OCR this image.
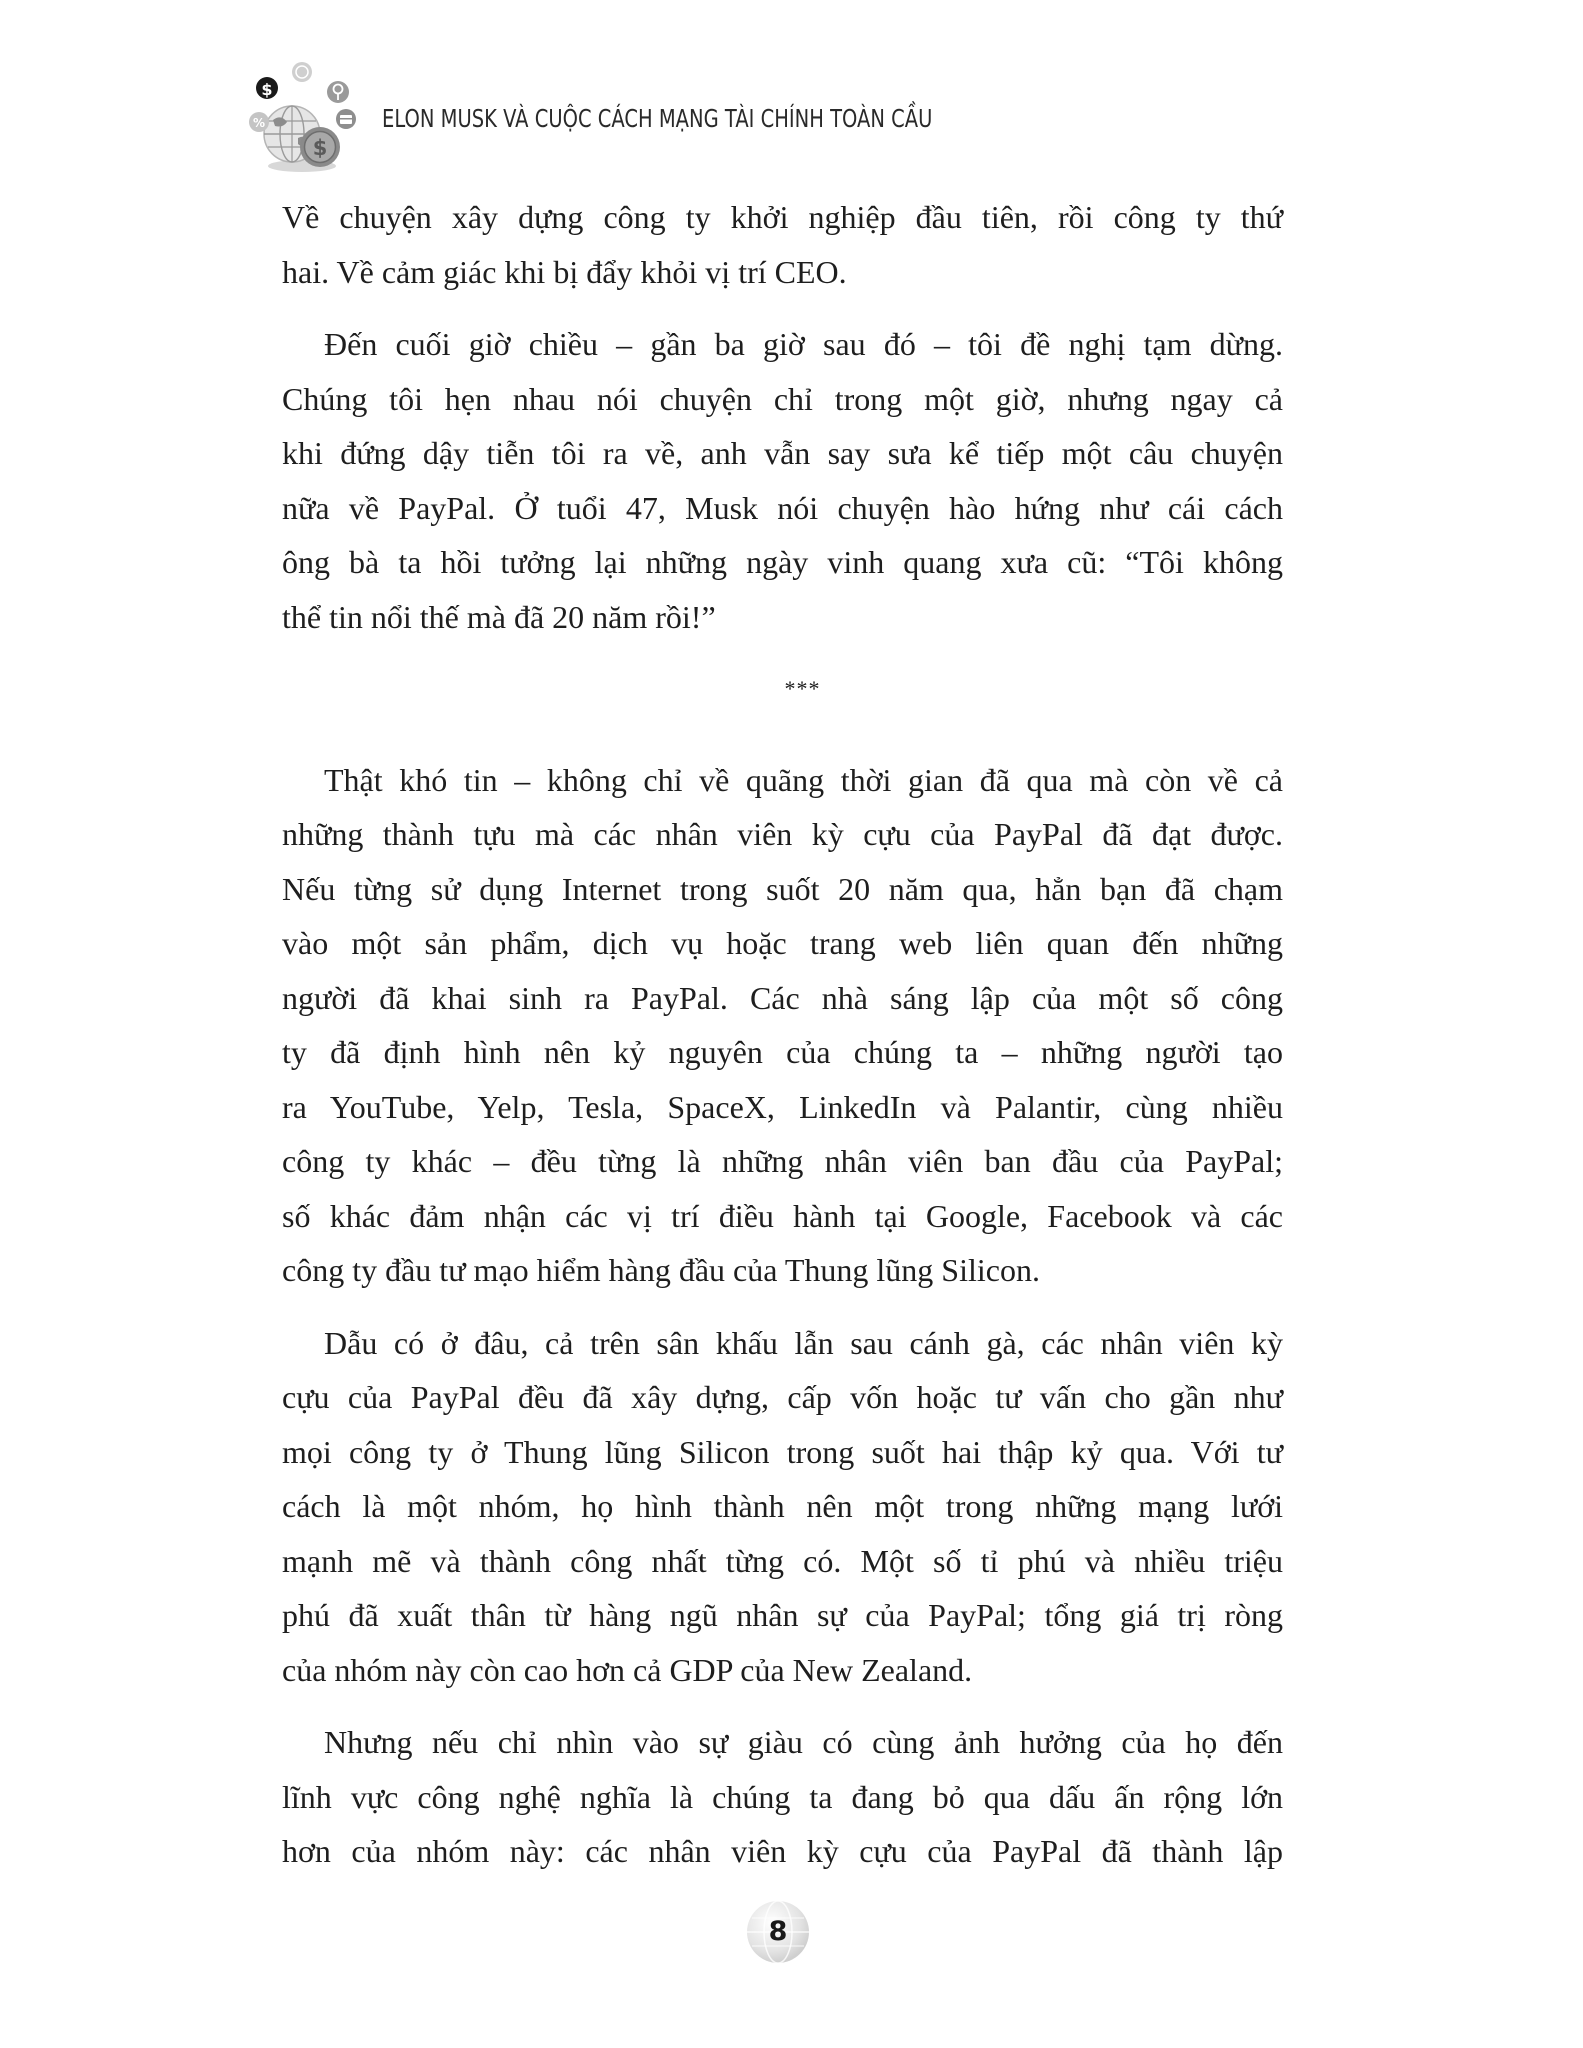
$
$
%	ELON MUSK VÀ CUỘC CÁCH MẠNG TÀI CHÍNH TOÀN CẦU
Về chuyện xây dựng công ty khởi nghiệp đầu tiên, rồi công ty thứ
hai. Về cảm giác khi bị đẩy khỏi vị trí CEO.
Đến cuối giờ chiều – gần ba giờ sau đó – tôi đề nghị tạm dừng.
Chúng tôi hẹn nhau nói chuyện chỉ trong một giờ, nhưng ngay cả
khi đứng dậy tiễn tôi ra về, anh vẫn say sưa kể tiếp một câu chuyện
nữa về PayPal. Ở tuổi 47, Musk nói chuyện hào hứng như cái cách
ông bà ta hồi tưởng lại những ngày vinh quang xưa cũ: “Tôi không
thể tin nổi thế mà đã 20 năm rồi!”
***
Thật khó tin – không chỉ về quãng thời gian đã qua mà còn về cả
những thành tựu mà các nhân viên kỳ cựu của PayPal đã đạt được.
Nếu từng sử dụng Internet trong suốt 20 năm qua, hẳn bạn đã chạm
vào một sản phẩm, dịch vụ hoặc trang web liên quan đến những
người đã khai sinh ra PayPal. Các nhà sáng lập của một số công
ty đã định hình nên kỷ nguyên của chúng ta – những người tạo
ra YouTube, Yelp, Tesla, SpaceX, LinkedIn và Palantir, cùng nhiều
công ty khác – đều từng là những nhân viên ban đầu của PayPal;
số khác đảm nhận các vị trí điều hành tại Google, Facebook và các
công ty đầu tư mạo hiểm hàng đầu của Thung lũng Silicon.
Dẫu có ở đâu, cả trên sân khấu lẫn sau cánh gà, các nhân viên kỳ
cựu của PayPal đều đã xây dựng, cấp vốn hoặc tư vấn cho gần như
mọi công ty ở Thung lũng Silicon trong suốt hai thập kỷ qua. Với tư
cách là một nhóm, họ hình thành nên một trong những mạng lưới
mạnh mẽ và thành công nhất từng có. Một số tỉ phú và nhiều triệu
phú đã xuất thân từ hàng ngũ nhân sự của PayPal; tổng giá trị ròng
của nhóm này còn cao hơn cả GDP của New Zealand.
Nhưng nếu chỉ nhìn vào sự giàu có cùng ảnh hưởng của họ đến
lĩnh vực công nghệ nghĩa là chúng ta đang bỏ qua dấu ấn rộng lớn
hơn của nhóm này: các nhân viên kỳ cựu của PayPal đã thành lập
8
